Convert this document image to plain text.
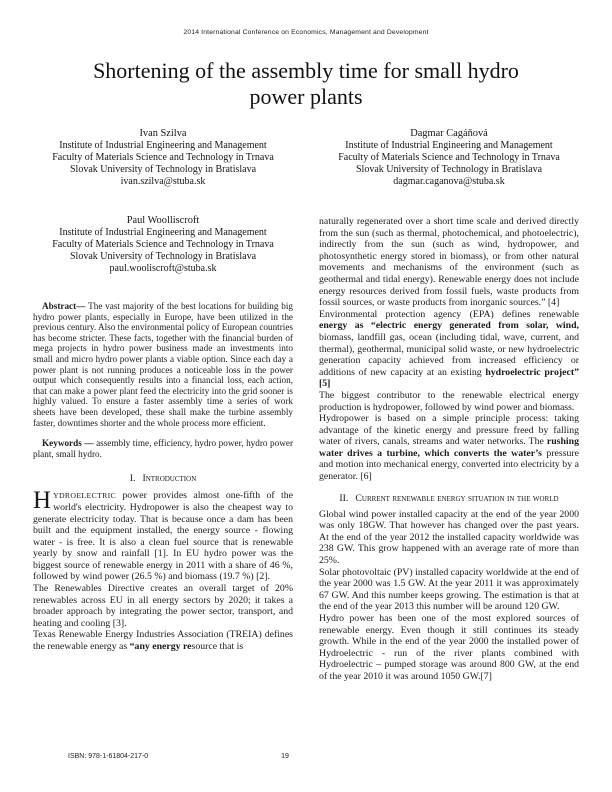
2014 International Conference on Economics, Management and Development
Shortening of the assembly time for small hydro power plants
Ivan Szilva
Institute of Industrial Engineering and Management
Faculty of Materials Science and Technology in Trnava
Slovak University of Technology in Bratislava
ivan.szilva@stuba.sk
Paul Woolliscroft
Institute of Industrial Engineering and Management
Faculty of Materials Science and Technology in Trnava
Slovak University of Technology in Bratislava
paul.wooliscroft@stuba.sk

Abstract— The vast majority of the best locations for building big hydro power plants, especially in Europe, have been utilized in the previous century. Also the environmental policy of European countries has become stricter. These facts, together with the financial burden of mega projects in hydro power business made an investments into small and micro hydro power plants a viable option. Since each day a power plant is not running produces a noticeable loss in the power output which consequently results into a financial loss, each action, that can make a power plant feed the electricity into the grid sooner is highly valued. To ensure a faster assembly time a series of work sheets have been developed, these shall make the turbine assembly faster, downtimes shorter and the whole process more efficient.

Keywords — assembly time, efficiency, hydro power, hydro power plant, small hydro.

I. Introduction

HYDROELECTRIC power provides almost one-fifth of the world's electricity. Hydropower is also the cheapest way to generate electricity today. That is because once a dam has been built and the equipment installed, the energy source - flowing water - is free. It is also a clean fuel source that is renewable yearly by snow and rainfall [1]. In EU hydro power was the biggest source of renewable energy in 2011 with a share of 46 %, followed by wind power (26.5 %) and biomass (19.7 %) [2].

The Renewables Directive creates an overall target of 20% renewables across EU in all energy sectors by 2020; it takes a broader approach by integrating the power sector, transport, and heating and cooling [3].

Texas Renewable Energy Industries Association (TREIA) defines the renewable energy as “any energy resource that is

Dagmar Cagáňová
Institute of Industrial Engineering and Management
Faculty of Materials Science and Technology in Trnava
Slovak University of Technology in Bratislava
dagmar.caganova@stuba.sk

naturally regenerated over a short time scale and derived directly from the sun (such as thermal, photochemical, and photoelectric), indirectly from the sun (such as wind, hydropower, and photosynthetic energy stored in biomass), or from other natural movements and mechanisms of the environment (such as geothermal and tidal energy). Renewable energy does not include energy resources derived from fossil fuels, waste products from fossil sources, or waste products from inorganic sources.” [4]

Environmental protection agency (EPA) defines renewable energy as “electric energy generated from solar, wind, biomass, landfill gas, ocean (including tidal, wave, current, and thermal), geothermal, municipal solid waste, or new hydroelectric generation capacity achieved from increased efficiency or additions of new capacity at an existing hydroelectric project” [5]

The biggest contributor to the renewable electrical energy production is hydropower, followed by wind power and biomass.

Hydropower is based on a simple principle process: taking advantage of the kinetic energy and pressure freed by falling water of rivers, canals, streams and water networks. The rushing water drives a turbine, which converts the water’s pressure and motion into mechanical energy, converted into electricity by a generator. [6]

II. Current renewable energy situation in the world

Global wind power installed capacity at the end of the year 2000 was only 18GW. That however has changed over the past years. At the end of the year 2012 the installed capacity worldwide was 238 GW. This grow happened with an average rate of more than 25%.

Solar photovoltaic (PV) installed capacity worldwide at the end of the year 2000 was 1.5 GW. At the year 2011 it was approximately 67 GW. And this number keeps growing. The estimation is that at the end of the year 2013 this number will be around 120 GW.

Hydro power has been one of the most explored sources of renewable energy. Even though it still continues its steady growth. While in the end of the year 2000 the installed power of Hydroelectric - run of the river plants combined with Hydroelectric – pumped storage was around 800 GW, at the end of the year 2010 it was around 1050 GW.[7]

ISBN: 978-1-61804-217-0	19
